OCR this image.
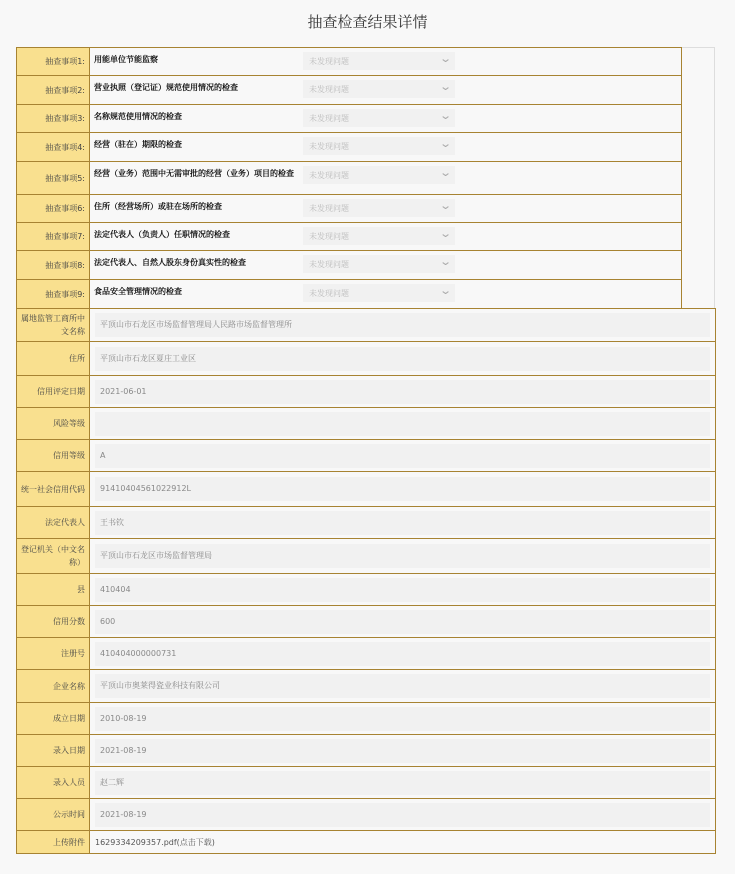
抽查检查结果详情
抽查事项1:	用能单位节能监察 未发现问题 ⌄

抽查事项2:	营业执照（登记证）规范使用情况的检查 未发现问题 ⌄

抽查事项3:	名称规范使用情况的检查 未发现问题 ⌄

抽查事项4:	经营（驻在）期限的检查 未发现问题 ⌄

抽查事项5:	经营（业务）范围中无需审批的经营（业务）项目的检查 未发现问题 ⌄

抽查事项6:	住所（经营场所）或驻在场所的检查 未发现问题 ⌄

抽查事项7:	法定代表人（负责人）任职情况的检查 未发现问题 ⌄

抽查事项8:	法定代表人、自然人股东身份真实性的检查 未发现问题 ⌄

抽查事项9:	食品安全管理情况的检查 未发现问题 ⌄
属地监管工商所中文名称	平顶山市石龙区市场监督管理局人民路市场监督管理所

住所	平顶山市石龙区夏庄工业区

信用评定日期	2021-06-01

风险等级	

信用等级	A

统一社会信用代码	91410404561022912L

法定代表人	王书钦

登记机关（中文名称）	平顶山市石龙区市场监督管理局

县	410404

信用分数	600

注册号	410404000000731

企业名称	平顶山市奥莱得瓷业科技有限公司

成立日期	2010-08-19

录入日期	2021-08-19

录入人员	赵二辉

公示时间	2021-08-19

上传附件	1629334209357.pdf(点击下载)
